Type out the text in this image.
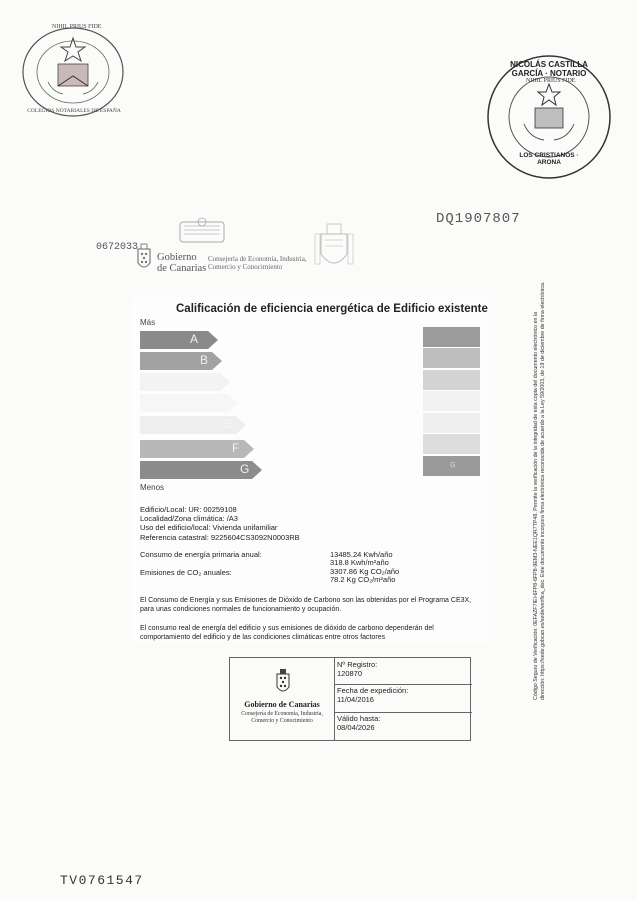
NIHIL PRIUS FIDE
COLEGIOS NOTARIALES DE ESPAÑA
NICOLÁS CASTILLA GARCÍA · NOTARIO
LOS CRISTIANOS · ARONA
NIHIL PRIUS FIDE
DQ1907807
0672033
Gobierno
de Canarias
Consejería de Economía, Industria,
Comercio y Conocimiento
Calificación de eficiencia energética de Edificio existente
Más
A
B
C
D
E
F
G
Menos
G
Edificio/Local: UR: 00259108
Localidad/Zona climática: /A3
Uso del edificio/local: Vivienda unifamiliar
Referencia catastral: 9225604CS3092N0003RB
Consumo de energía primaria anual:
Emisiones de CO₂ anuales:
13485.24 Kwh/año
318.8 Kwh/m²año
3307.86 Kg CO₂/año
78.2 Kg CO₂/m²año
El Consumo de Energía y sus Emisiones de Dióxido de Carbono son las obtenidas por el Programa CE3X,
para unas condiciones normales de funcionamiento y ocupación.
El consumo real de energía del edificio y sus emisiones de dióxido de carbono dependerán del
comportamiento del edificio y de las condiciones climáticas entre otros factores
Gobierno de Canarias
Consejería de Economía, Industria,
Comercio y Conocimiento
Nº Registro:
120870
Fecha de expedición:
11/04/2016
Válido hasta:
08/04/2026
Código Seguro de Verificación: 0EFAZF7IEl-6FP8-6FP8-9EM3-NEE1QR7TP48. Permite la verificación de la integridad de esta copia del documento electrónico en la dirección: https://sede.gobcan.es/sede/verifica_doc. Este documento incorpora firma electrónica reconocida de acuerdo a la Ley 59/2003, de 19 de diciembre de firma electrónica.
TV0761547
